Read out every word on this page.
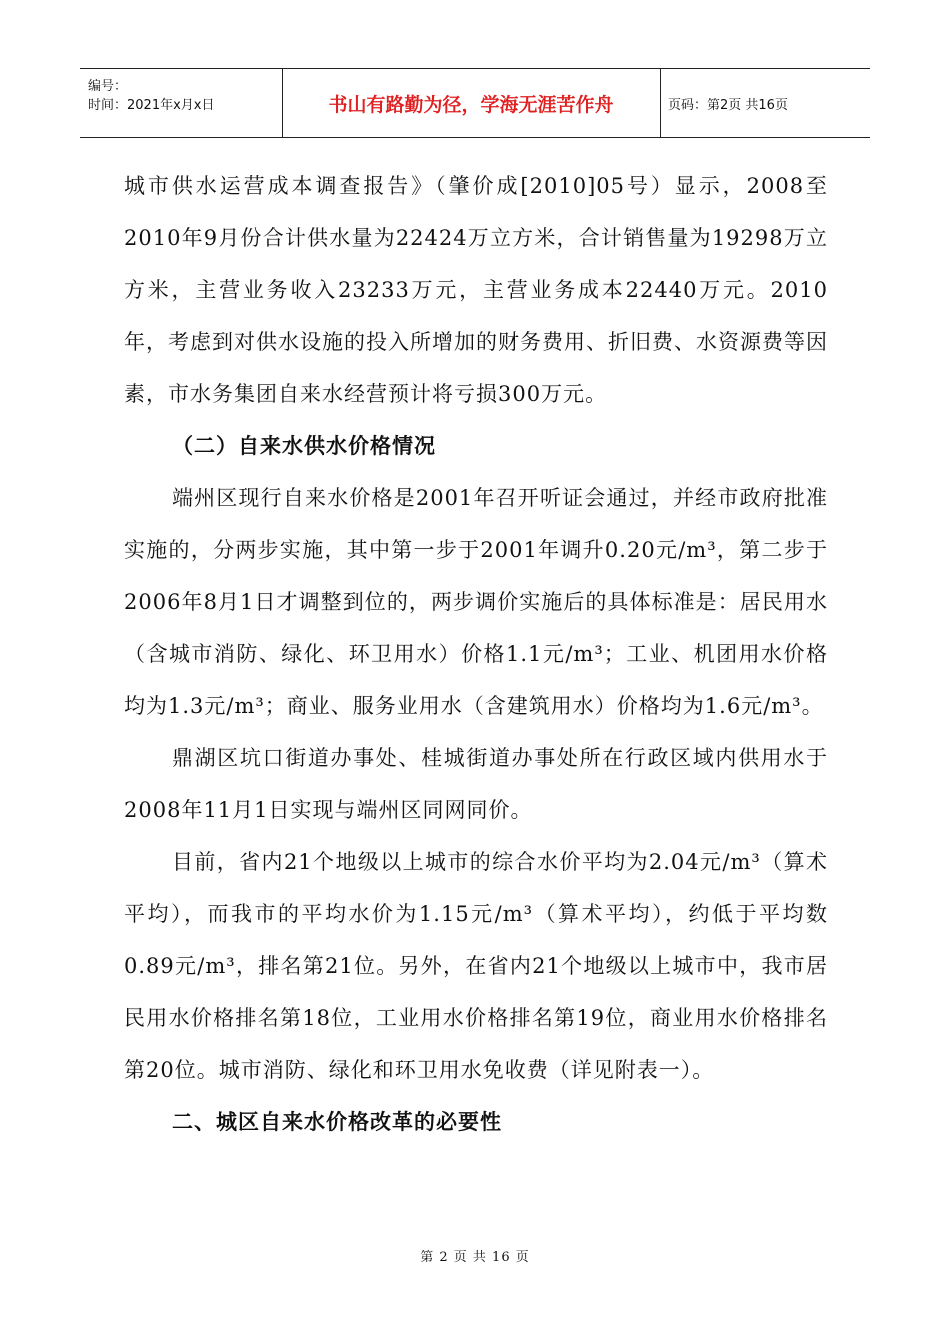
编号：
时间：2021年x月x日	书山有路勤为径，学海无涯苦作舟	页码：第2页 共16页

城市供水运营成本调查报告》（肇价成[2010]05号）显示，2008至2010年9月份合计供水量为22424万立方米，合计销售量为19298万立方米，主营业务收入23233万元，主营业务成本22440万元。2010年，考虑到对供水设施的投入所增加的财务费用、折旧费、水资源费等因素，市水务集团自来水经营预计将亏损300万元。

（二）自来水供水价格情况

端州区现行自来水价格是2001年召开听证会通过，并经市政府批准实施的，分两步实施，其中第一步于2001年调升0.20元/m³，第二步于2006年8月1日才调整到位的，两步调价实施后的具体标准是：居民用水（含城市消防、绿化、环卫用水）价格1.1元/m³；工业、机团用水价格均为1.3元/m³；商业、服务业用水（含建筑用水）价格均为1.6元/m³。

鼎湖区坑口街道办事处、桂城街道办事处所在行政区域内供用水于2008年11月1日实现与端州区同网同价。

目前，省内21个地级以上城市的综合水价平均为2.04元/m³（算术平均），而我市的平均水价为1.15元/m³（算术平均），约低于平均数0.89元/m³，排名第21位。另外，在省内21个地级以上城市中，我市居民用水价格排名第18位，工业用水价格排名第19位，商业用水价格排名第20位。城市消防、绿化和环卫用水免收费（详见附表一）。

二、城区自来水价格改革的必要性

第 2 页 共 16 页
